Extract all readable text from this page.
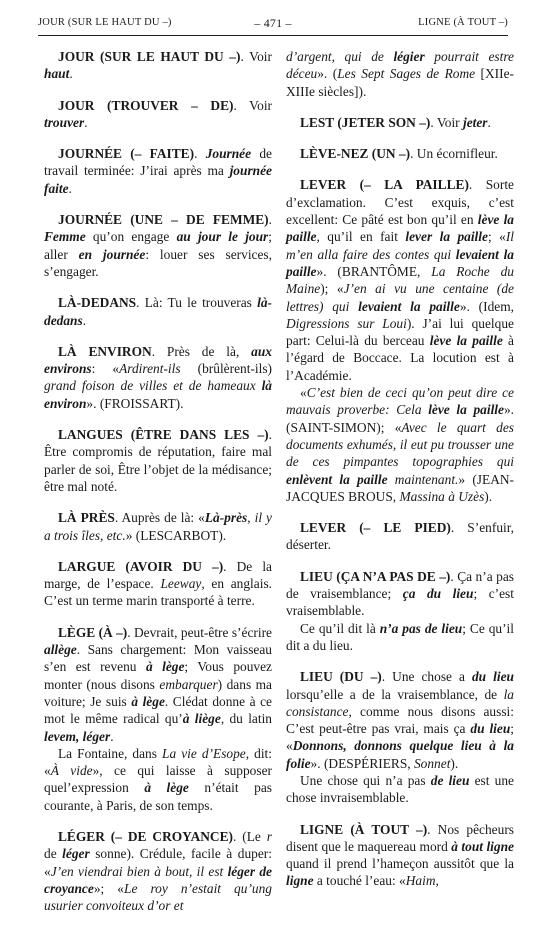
JOUR (SUR LE HAUT DU –)	– 471 –	LIGNE (À TOUT –)

JOUR (SUR LE HAUT DU –). Voir haut.

JOUR (TROUVER – DE). Voir trouver.

JOURNÉE (– FAITE). Journée de travail terminée: J’irai après ma journée faite.

JOURNÉE (UNE – DE FEMME). Femme qu’on engage au jour le jour; aller en journée: louer ses services, s’engager.

LÀ-DEDANS. Là: Tu le trouveras là-dedans.

LÀ ENVIRON. Près de là, aux environs: «Ardirent-ils (brûlèrent-ils) grand foison de villes et de hameaux là environ». (FROISSART).

LANGUES (ÊTRE DANS LES –). Être compromis de réputation, faire mal parler de soi, Être l’objet de la médisance; être mal noté.

LÀ PRÈS. Auprès de là: «Là-près, il y a trois îles, etc.» (LESCARBOT).

LARGUE (AVOIR DU –). De la marge, de l’espace. Leeway, en anglais. C’est un terme marin transporté à terre.

LÈGE (À –). Devrait, peut-être s’écrire allège. Sans chargement: Mon vaisseau s’en est revenu à lège; Vous pouvez monter (nous disons embarquer) dans ma voiture; Je suis à lège. Clédat donne à ce mot le même radical qu’à liège, du latin levem, léger.

La Fontaine, dans La vie d’Esope, dit: «À vide», ce qui laisse à supposer quel’expression à lège n’était pas courante, à Paris, de son temps.

LÉGER (– DE CROYANCE). (Le r de léger sonne). Crédule, facile à duper: «J’en viendrai bien à bout, il est léger de croyance»; «Le roy n’estait qu’ung usurier convoiteux d’or et

d’argent, qui de légier pourrait estre déceu». (Les Sept Sages de Rome [XIIe-XIIIe siècles]).

LEST (JETER SON –). Voir jeter.

LÈVE-NEZ (UN –). Un écornifleur.

LEVER (– LA PAILLE). Sorte d’exclamation. C’est exquis, c’est excellent: Ce pâté est bon qu’il en lève la paille, qu’il en fait lever la paille; «Il m’en alla faire des contes qui levaient la paille». (BRANTÔME, La Roche du Maine); «J’en ai vu une centaine (de lettres) qui levaient la paille». (Idem, Digressions sur Loui). J’ai lui quelque part: Celui-là du berceau lève la paille à l’égard de Boccace. La locution est à l’Académie.

«C’est bien de ceci qu’on peut dire ce mauvais proverbe: Cela lève la paille». (SAINT-SIMON); «Avec le quart des documents exhumés, il eut pu trousser une de ces pimpantes topographies qui enlèvent la paille maintenant.» (JEAN-JACQUES BROUS, Massina à Uzès).

LEVER (– LE PIED). S’enfuir, déserter.

LIEU (ÇA N’A PAS DE –). Ça n’a pas de vraisemblance; ça du lieu; c’est vraisemblable.

Ce qu’il dit là n’a pas de lieu; Ce qu’il dit a du lieu.

LIEU (DU –). Une chose a du lieu lorsqu’elle a de la vraisemblance, de la consistance, comme nous disons aussi: C’est peut-être pas vrai, mais ça du lieu; «Donnons, donnons quelque lieu à la folie». (DESPÉRIERS, Sonnet).

Une chose qui n’a pas de lieu est une chose invraisemblable.

LIGNE (À TOUT –). Nos pêcheurs disent que le maquereau mord à tout ligne quand il prend l’hameçon aussitôt que la ligne a touché l’eau: «Haim,
